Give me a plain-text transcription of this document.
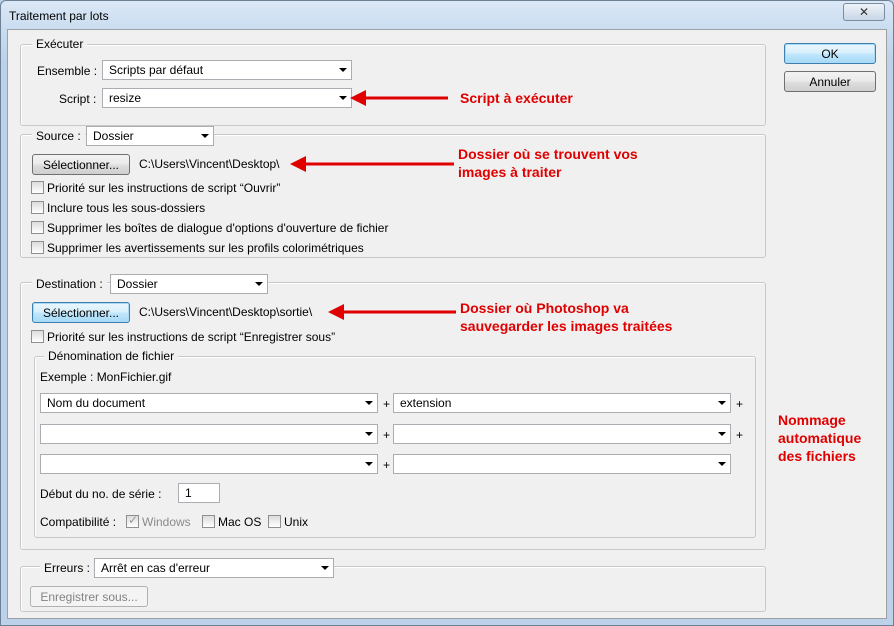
Traitement par lots	✕
Exécuter
Ensemble : Scripts par défaut
Script :	resize
OK
Annuler
Source :	Dossier
Sélectionner...	C:\Users\Vincent\Desktop\
Priorité sur les instructions de script “Ouvrir”
Inclure tous les sous-dossiers
Supprimer les boîtes de dialogue d'options d'ouverture de fichier
Supprimer les avertissements sur les profils colorimétriques
Destination :	Dossier
Sélectionner...	C:\Users\Vincent\Desktop\sortie\
Priorité sur les instructions de script “Enregistrer sous”
Dénomination de fichier
Exemple : MonFichier.gif
Nom du document	+ extension	+
+	+
+
Début du no. de série :	1
Compatibilité :
✓	Windows	Mac OS	Unix
Erreurs : Arrêt en cas d'erreur
Enregistrer sous...
Script à exécuter
Dossier où se trouvent vos
images à traiter
Dossier où Photoshop va
sauvegarder les images traitées
Nommage
automatique
des fichiers
